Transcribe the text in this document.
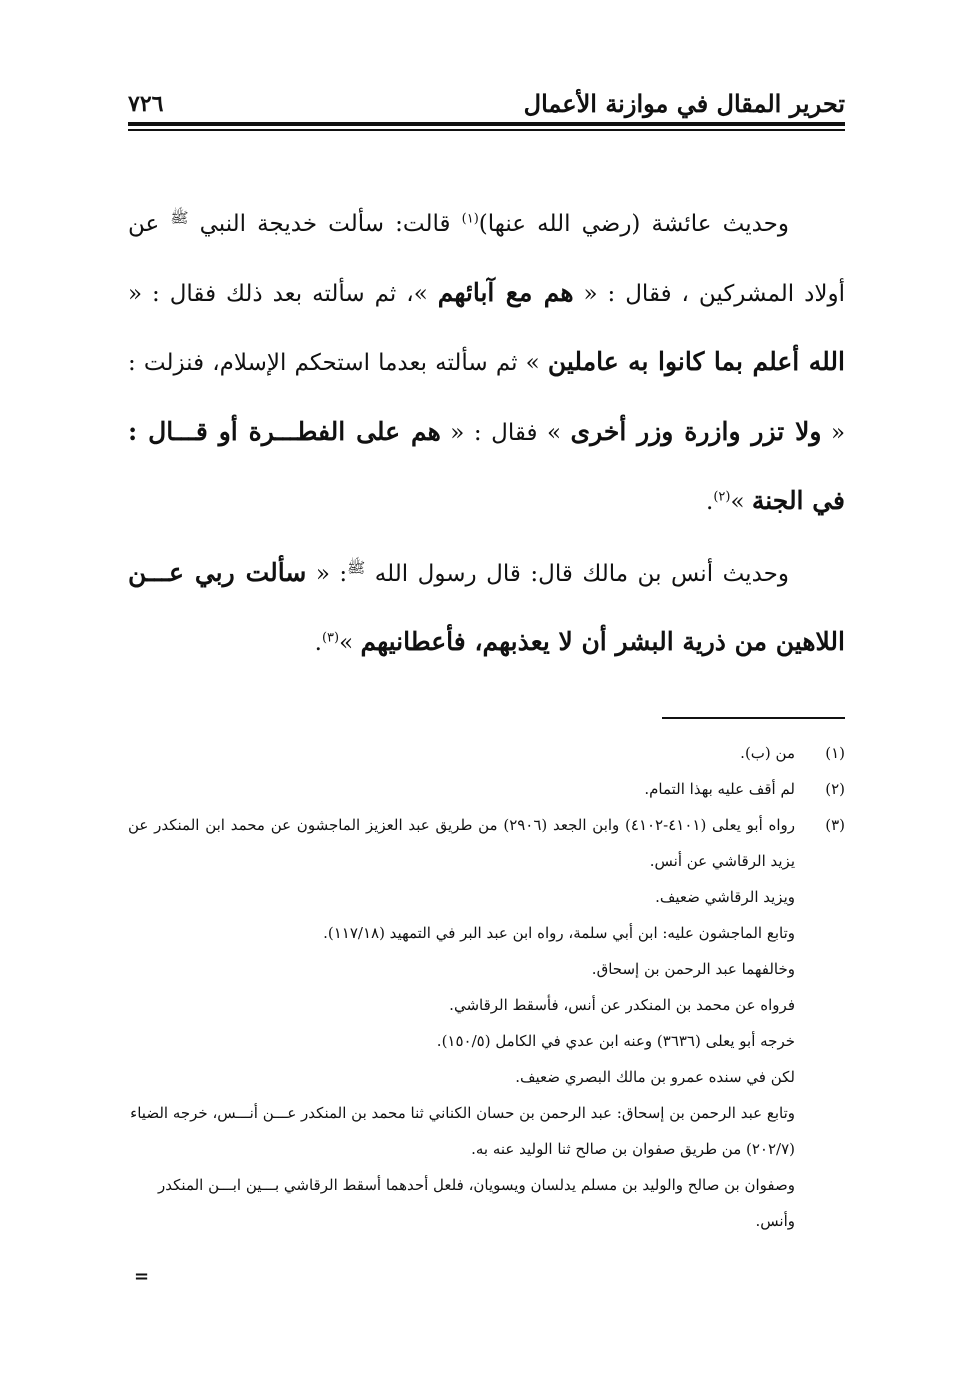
تحرير المقال في موازنة الأعمال
٧٢٦

وحديث عائشة (رضي الله عنها)$^{(١)}$ قالت: سألت خديجة النبي $^ﷺ$ عن أولاد المشركين ، فقال : « هم مع آبائهم »، ثم سألته بعد ذلك فقال : « الله أعلم بما كانوا به عاملين » ثم سألته بعدما استحكم الإسلام، فنزلت : « ولا تزر وازرة وزر أخرى » فقال : « هم على الفطـــرة أو قـــال : في الجنة »$^{(٢)}$.

وحديث أنس بن مالك قال: قال رسول الله $^ﷺ$: « سألت ربي عـــن اللاهين من ذرية البشر أن لا يعذبهم، فأعطانيهم »$^{(٣)}$.

(١)

من (ب).

(٢)

لم أقف عليه بهذا التمام.

(٣)

رواه أبو يعلى (٤١٠١-٤١٠٢) وابن الجعد (٢٩٠٦) من طريق عبد العزيز الماجشون عن محمد ابن المنكدر عن يزيد الرقاشي عن أنس.

ويزيد الرقاشي ضعيف.

وتابع الماجشون عليه: ابن أبي سلمة، رواه ابن عبد البر في التمهيد (١١٧/١٨).

وخالفهما عبد الرحمن بن إسحاق.

فرواه عن محمد بن المنكدر عن أنس، فأسقط الرقاشي.

خرجه أبو يعلى (٣٦٣٦) وعنه ابن عدي في الكامل (١٥٠/٥).

لكن في سنده عمرو بن مالك البصري ضعيف.

وتابع عبد الرحمن بن إسحاق: عبد الرحمن بن حسان الكناني ثنا محمد بن المنكدر عـــن أنـــس، خرجه الضياء (٢٠٢/٧) من طريق صفوان بن صالح ثنا الوليد عنه به.

وصفوان بن صالح والوليد بن مسلم يدلسان ويسويان، فلعل أحدهما أسقط الرقاشي بـــين ابـــن المنكدر وأنس.

=
